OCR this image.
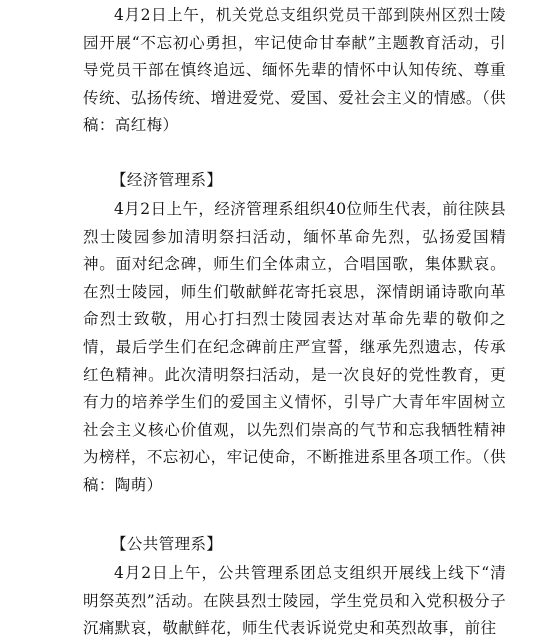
4月2日上午，机关党总支组织党员干部到陕州区烈士陵园开展“不忘初心勇担，牢记使命甘奉献”主题教育活动，引导党员干部在慎终追远、缅怀先辈的情怀中认知传统、尊重传统、弘扬传统、增进爱党、爱国、爱社会主义的情感。（供稿：高红梅）

【经济管理系】

4月2日上午，经济管理系组织40位师生代表，前往陕县烈士陵园参加清明祭扫活动，缅怀革命先烈，弘扬爱国精神。面对纪念碑，师生们全体肃立，合唱国歌，集体默哀。在烈士陵园，师生们敬献鲜花寄托哀思，深情朗诵诗歌向革命烈士致敬，用心打扫烈士陵园表达对革命先辈的敬仰之情，最后学生们在纪念碑前庄严宣誓，继承先烈遗志，传承红色精神。此次清明祭扫活动，是一次良好的党性教育，更有力的培养学生们的爱国主义情怀，引导广大青年牢固树立社会主义核心价值观，以先烈们崇高的气节和忘我牺牲精神为榜样，不忘初心，牢记使命，不断推进系里各项工作。（供稿：陶萌）

【公共管理系】

4月2日上午，公共管理系团总支组织开展线上线下“清明祭英烈”活动。在陕县烈士陵园，学生党员和入党积极分子沉痛默哀，敬献鲜花，师生代表诉说党史和英烈故事，前往
